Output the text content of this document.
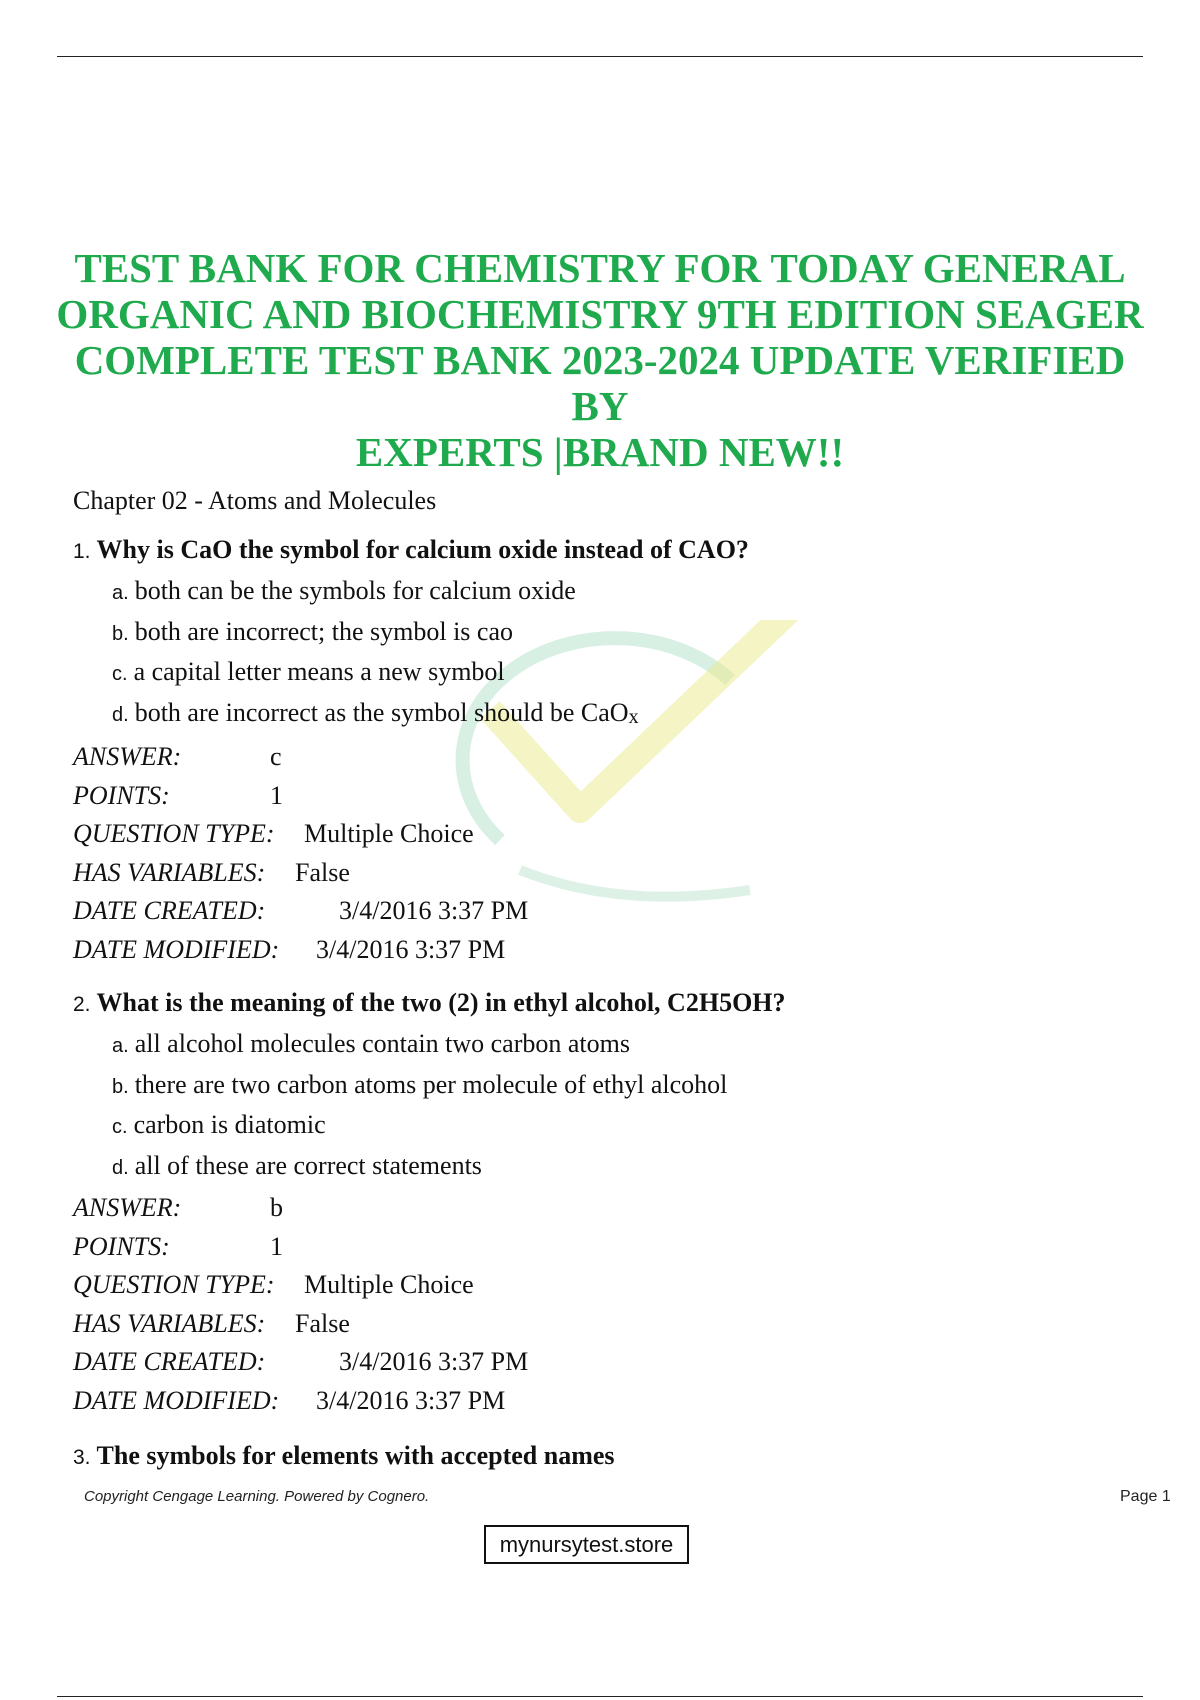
TEST BANK FOR CHEMISTRY FOR TODAY GENERAL
ORGANIC AND BIOCHEMISTRY 9TH EDITION SEAGER
COMPLETE TEST BANK 2023-2024 UPDATE VERIFIED BY
EXPERTS |BRAND NEW!!
Chapter 02 - Atoms and Molecules
1. Why is CaO the symbol for calcium oxide instead of CAO?
a. both can be the symbols for calcium oxide
b. both are incorrect; the symbol is cao
c. a capital letter means a new symbol
d. both are incorrect as the symbol should be CaOx
ANSWER:	c
POINTS:	1
QUESTION TYPE: Multiple Choice
HAS VARIABLES: False
DATE CREATED:	3/4/2016 3:37 PM
DATE MODIFIED: 3/4/2016 3:37 PM
2. What is the meaning of the two (2) in ethyl alcohol, C2H5OH?
a. all alcohol molecules contain two carbon atoms
b. there are two carbon atoms per molecule of ethyl alcohol
c. carbon is diatomic
d. all of these are correct statements
ANSWER:	b
POINTS:	1
QUESTION TYPE: Multiple Choice
HAS VARIABLES: False
DATE CREATED:	3/4/2016 3:37 PM
DATE MODIFIED: 3/4/2016 3:37 PM
3. The symbols for elements with accepted names
Copyright Cengage Learning. Powered by Cognero.	Page 1
mynursytest.store
